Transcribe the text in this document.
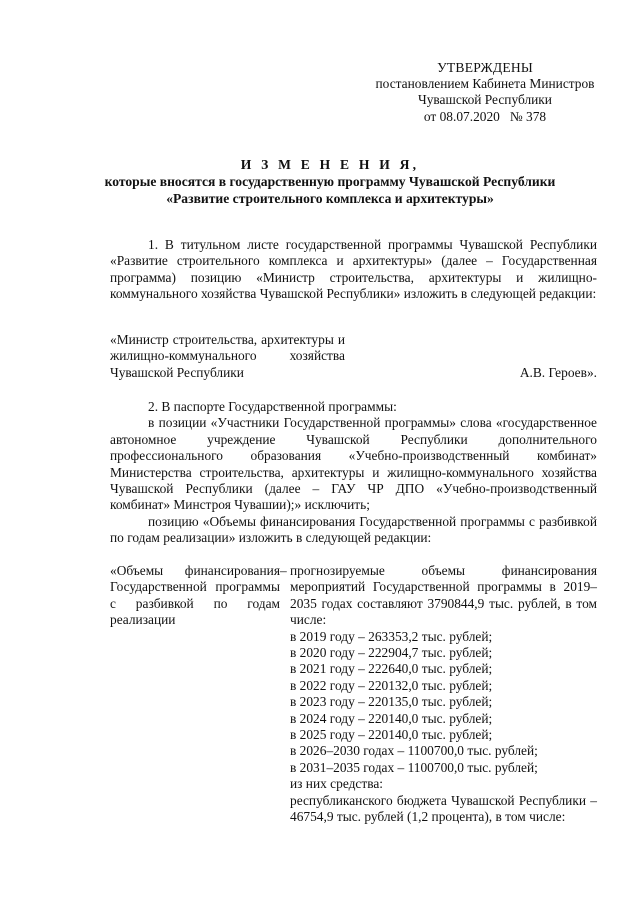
УТВЕРЖДЕНЫ
постановлением Кабинета Министров
Чувашской Республики
от 08.07.2020   № 378
И З М Е Н Е Н И Я,
которые вносятся в государственную программу Чувашской Республики
«Развитие строительного комплекса и архитектуры»

1. В титульном листе государственной программы Чувашской Республики «Развитие строительного комплекса и архитектуры» (далее – Государственная программа) позицию «Министр строительства, архитектуры и жилищно-коммунального хозяйства Чувашской Республики» изложить в следующей редакции:

«Министр строительства, архитектуры и жилищно-коммунального хозяйства Чувашской Республики	А.В. Героев».

2. В паспорте Государственной программы:

в позиции «Участники Государственной программы» слова «государственное автономное учреждение Чувашской Республики дополнительного профессионального образования «Учебно-производственный комбинат» Министерства строительства, архитектуры и жилищно-коммунального хозяйства Чувашской Республики (далее – ГАУ ЧР ДПО «Учебно-производственный комбинат» Минстроя Чувашии);» исключить;

позицию «Объемы финансирования Государственной программы с разбивкой по годам реализации» изложить в следующей редакции:

«Объемы финансирования Государственной программы с разбивкой по годам реализации
– прогнозируемые объемы финансирования мероприятий Государственной программы в 2019–2035 годах составляют 3790844,9 тыс. рублей, в том числе:
в 2019 году – 263353,2 тыс. рублей;
в 2020 году – 222904,7 тыс. рублей;
в 2021 году – 222640,0 тыс. рублей;
в 2022 году – 220132,0 тыс. рублей;
в 2023 году – 220135,0 тыс. рублей;
в 2024 году – 220140,0 тыс. рублей;
в 2025 году – 220140,0 тыс. рублей;
в 2026–2030 годах – 1100700,0 тыс. рублей;
в 2031–2035 годах – 1100700,0 тыс. рублей;
из них средства:
республиканского бюджета Чувашской Республики – 46754,9 тыс. рублей (1,2 процента), в том числе:
